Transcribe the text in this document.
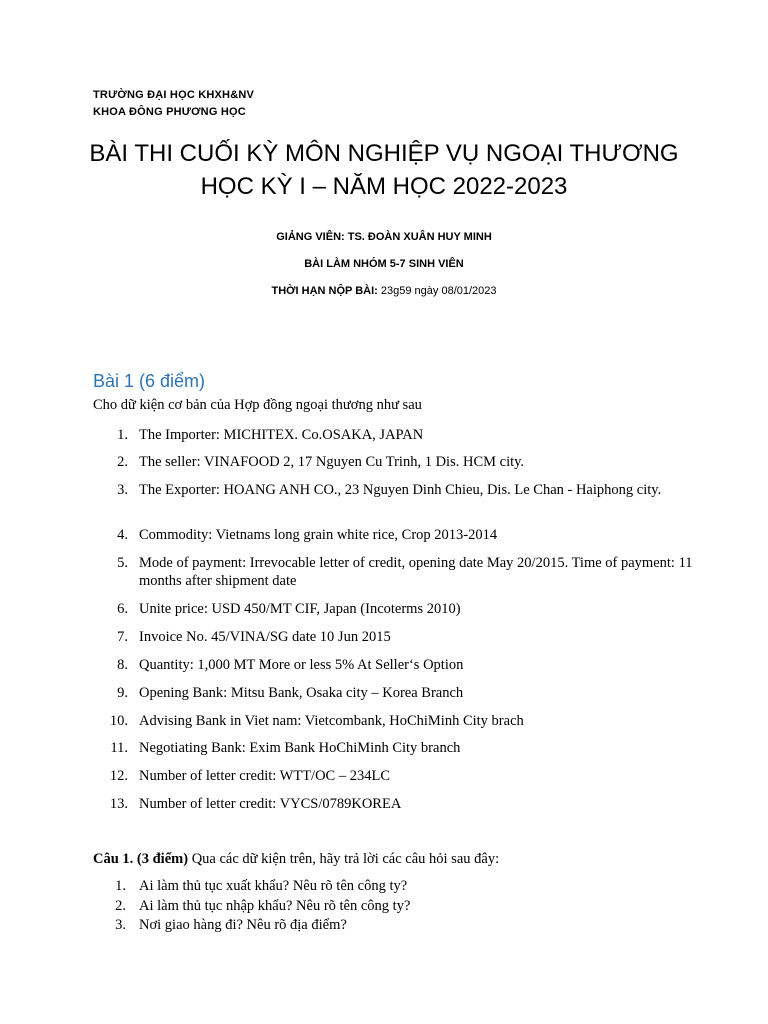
TRƯỜNG ĐẠI HỌC KHXH&NV
KHOA ĐÔNG PHƯƠNG HỌC
BÀI THI CUỐI KỲ MÔN NGHIỆP VỤ NGOẠI THƯƠNG
HỌC KỲ I – NĂM HỌC 2022-2023
GIẢNG VIÊN: TS. ĐOÀN XUÂN HUY MINH
BÀI LÀM NHÓM 5-7 SINH VIÊN
THỜI HẠN NỘP BÀI: 23g59 ngày 08/01/2023
Bài 1 (6 điểm)
Cho dữ kiện cơ bản của Hợp đồng ngoại thương như sau
1. The Importer: MICHITEX. Co.OSAKA, JAPAN
2. The seller: VINAFOOD 2, 17 Nguyen Cu Trinh, 1 Dis. HCM city.
3. The Exporter: HOANG ANH CO., 23 Nguyen Dinh Chieu, Dis. Le Chan - Haiphong city.
4. Commodity: Vietnams long grain white rice, Crop 2013-2014
5. Mode of payment: Irrevocable letter of credit, opening date May 20/2015. Time of payment: 11 months after shipment date
6. Unite price: USD 450/MT CIF, Japan (Incoterms 2010)
7. Invoice No. 45/VINA/SG date 10 Jun 2015
8. Quantity: 1,000 MT More or less 5% At Seller‘s Option
9. Opening Bank: Mitsu Bank, Osaka city – Korea Branch
10. Advising Bank in Viet nam: Vietcombank, HoChiMinh City brach
11. Negotiating Bank: Exim Bank HoChiMinh City branch
12. Number of letter credit: WTT/OC – 234LC
13. Number of letter credit: VYCS/0789KOREA
Câu 1. (3 điểm) Qua các dữ kiện trên, hãy trả lời các câu hỏi sau đây:
1. Ai làm thủ tục xuất khẩu? Nêu rõ tên công ty?
2. Ai làm thủ tục nhập khẩu? Nêu rõ tên công ty?
3. Nơi giao hàng đi? Nêu rõ địa điểm?
